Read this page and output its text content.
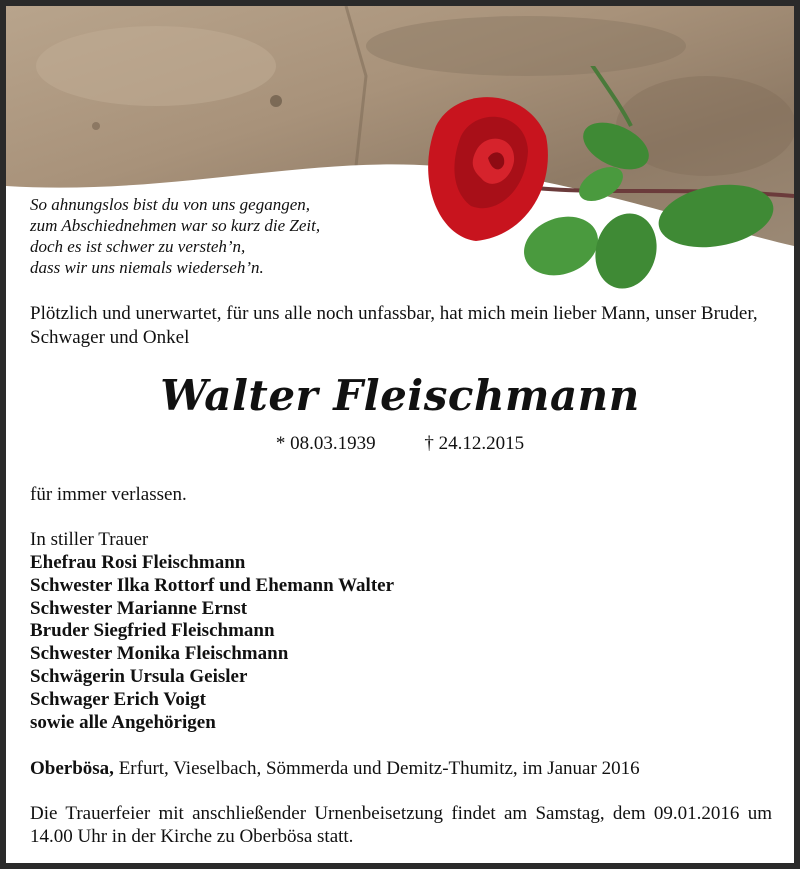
So ahnungslos bist du von uns gegangen,
zum Abschiednehmen war so kurz die Zeit,
doch es ist schwer zu versteh’n,
dass wir uns niemals wiederseh’n.
Plötzlich und unerwartet, für uns alle noch unfassbar, hat mich mein lieber Mann, unser Bruder, Schwager und Onkel
Walter Fleischmann
* 08.03.1939	† 24.12.2015
für immer verlassen.
In stiller Trauer
Ehefrau Rosi Fleischmann
Schwester Ilka Rottorf und Ehemann Walter
Schwester Marianne Ernst
Bruder Siegfried Fleischmann
Schwester Monika Fleischmann
Schwägerin Ursula Geisler
Schwager Erich Voigt
sowie alle Angehörigen
Oberbösa, Erfurt, Vieselbach, Sömmerda und Demitz-Thumitz, im Januar 2016
Die Trauerfeier mit anschließender Urnenbeisetzung findet am Samstag, dem 09.01.2016 um 14.00 Uhr in der Kirche zu Oberbösa statt.
